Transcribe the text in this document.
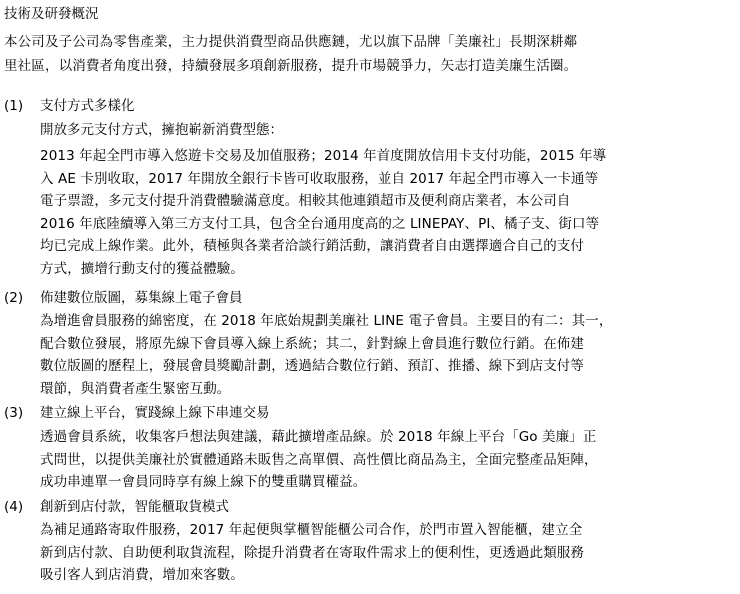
技術及研發概況
本公司及子公司為零售產業，主力提供消費型商品供應鏈，尤以旗下品牌「美廉社」長期深耕鄰
里社區，以消費者角度出發，持續發展多項創新服務，提升市場競爭力，矢志打造美廉生活圈。
(1) 支付方式多樣化
開放多元支付方式，擁抱嶄新消費型態：
2013 年起全門市導入悠遊卡交易及加值服務；2014 年首度開放信用卡支付功能，2015 年導
入 AE 卡別收取，2017 年開放全銀行卡皆可收取服務，並自 2017 年起全門市導入一卡通等
電子票證，多元支付提升消費體驗滿意度。相較其他連鎖超市及便利商店業者，本公司自
2016 年底陸續導入第三方支付工具，包含全台通用度高的之 LINEPAY、PI、橘子支、街口等
均已完成上線作業。此外，積極與各業者洽談行銷活動，讓消費者自由選擇適合自己的支付
方式，擴增行動支付的獲益體驗。
(2) 佈建數位版圖，募集線上電子會員
為增進會員服務的綿密度，在 2018 年底始規劃美廉社 LINE 電子會員。主要目的有二：其一，
配合數位發展，將原先線下會員導入線上系統；其二，針對線上會員進行數位行銷。在佈建
數位版圖的歷程上，發展會員獎勵計劃，透過結合數位行銷、預訂、推播、線下到店支付等
環節，與消費者產生緊密互動。
(3) 建立線上平台，實踐線上線下串連交易
透過會員系統，收集客戶想法與建議，藉此擴增產品線。於 2018 年線上平台「Go 美廉」正
式問世，以提供美廉社於實體通路未販售之高單價、高性價比商品為主，全面完整產品矩陣，
成功串連單一會員同時享有線上線下的雙重購買權益。
(4) 創新到店付款，智能櫃取貨模式
為補足通路寄取件服務，2017 年起便與掌櫃智能櫃公司合作，於門市置入智能櫃，建立全
新到店付款、自助便利取貨流程，除提升消費者在寄取件需求上的便利性，更透過此類服務
吸引客人到店消費，增加來客數。
